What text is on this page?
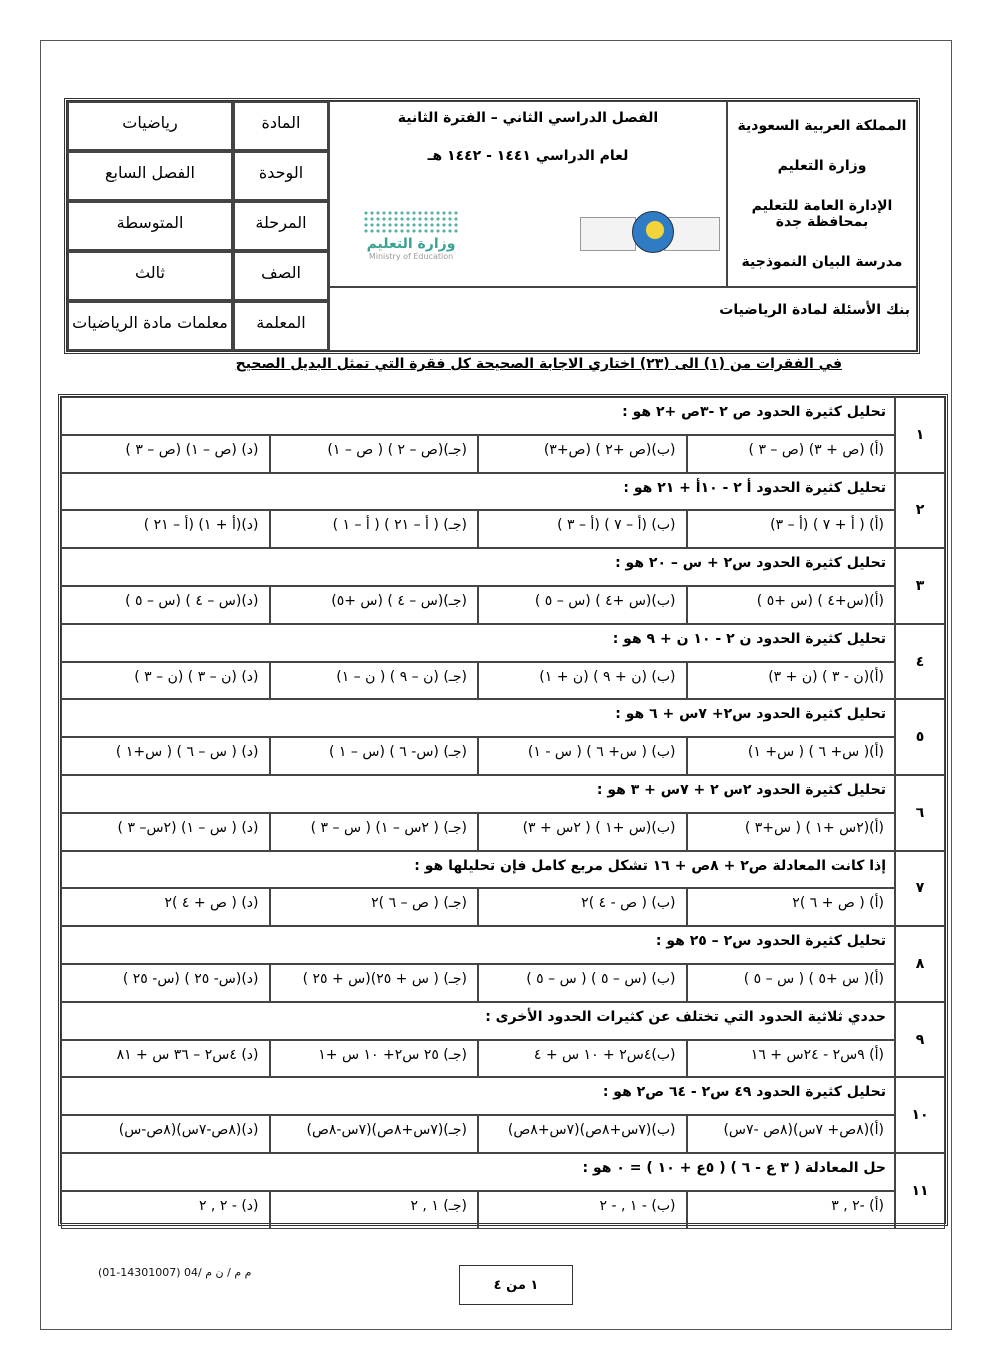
المملكة العربية السعودية
وزارة التعليم
الإدارة العامة للتعليم بمحافظة جدة
مدرسة البيان النموذجية
الفصل الدراسي الثاني – الفترة الثانية
لعام الدراسي ١٤٤١ - ١٤٤٢ هـ
وزارة التعليم
Ministry of Education
المادة
الوحدة
المرحلة
الصف
المعلمة
رياضيات
الفصل السابع
المتوسطة
ثالث
معلمات مادة الرياضيات
بنك الأسئلة لمادة الرياضيات
في الفقرات من (١) الى (٢٣) اختاري الاجابة الصحيحة كل فقرة التي تمثل البديل الصحيح
١
تحليل كثيرة الحدود ص ٢ -٣ص +٢ هو :
(أ) (ص + ٣) (ص – ٣ )
(ب)(ص +٢ ) (ص+٣)
(جـ)(ص – ٢ ) ( ص – ١)
(د) (ص – ١) (ص – ٣ )
٢
تحليل كثيرة الحدود أ ٢ - ١٠أ + ٢١ هو :
(أ) ( أ + ٧ ) (أ – ٣)
(ب) (أ – ٧ ) (أ – ٣ )
(جـ) ( أ – ٢١ ) ( أ – ١ )
(د)(أ + ١) (أ – ٢١ )
٣
تحليل كثيرة الحدود س٢ + س – ٢٠ هو :
(أ)(س+٤ ) (س +٥ )
(ب)(س +٤ ) (س – ٥ )
(جـ)(س – ٤ ) (س +٥)
(د)(س – ٤ ) (س – ٥ )
٤
تحليل كثيرة الحدود ن ٢ - ١٠ ن + ٩ هو :
(أ)(ن - ٣ ) (ن + ٣)
(ب) (ن + ٩ ) (ن + ١)
(جـ) (ن – ٩ ) ( ن – ١)
(د) (ن – ٣ ) (ن – ٣ )
٥
تحليل كثيرة الحدود س٢+ ٧س + ٦ هو :
(أ)( س+ ٦ ) ( س+ ١)
(ب) ( س+ ٦ ) ( س - ١)
(جـ) (س- ٦ ) (س – ١ )
(د) ( س – ٦ ) ( س+١ )
٦
تحليل كثيرة الحدود ٢س ٢ + ٧س + ٣ هو :
(أ)(٢س +١ ) ( س+٣ )
(ب)(س +١ ) ( ٢س + ٣)
(جـ) ( ٢س – ١) ( س – ٣ )
(د) ( س – ١) (٢س– ٣ )
٧
إذا كانت المعادلة ص٢ + ٨ص + ١٦ تشكل مربع كامل فإن تحليلها هو :
(أ) ( ص + ٦ )٢
(ب) ( ص - ٤ )٢
(جـ) ( ص – ٦ )٢
(د) ( ص + ٤ )٢
٨
تحليل كثيرة الحدود س٢ – ٢٥ هو :
(أ)( س +٥ ) ( س – ٥ )
(ب) (س – ٥ ) ( س – ٥ )
(جـ) ( س + ٢٥)(س + ٢٥ )
(د)(س- ٢٥ ) (س- ٢٥ )
٩
حددي ثلاثية الحدود التي تختلف عن كثيرات الحدود الأخرى :
(أ) ٩س٢ - ٢٤س + ١٦
(ب)٤س٢ + ١٠ س + ٤
(جـ) ٢٥ س٢+ ١٠ س +١
(د) ٤س٢ – ٣٦ س + ٨١
١٠
تحليل كثيرة الحدود ٤٩ س٢ - ٦٤ ص٢ هو :
(أ)(٨ص+ ٧س)(٨ص -٧س)
(ب)(٧س+٨ص)(٧س+٨ص)
(جـ)(٧س+٨ص)(٧س-٨ص)
(د)(٨ص-٧س)(٨ص-س)
١١
حل المعادلة ( ٣ ع - ٦ ) ( ٥ع + ١٠ ) = ٠ هو :
(أ) -٢ , ٣
(ب) - ١ , - ٢
(جـ) ١ , ٢
(د) - ٢ , ٢
(01-14301007) 04/ م م / ن م
١ من ٤
